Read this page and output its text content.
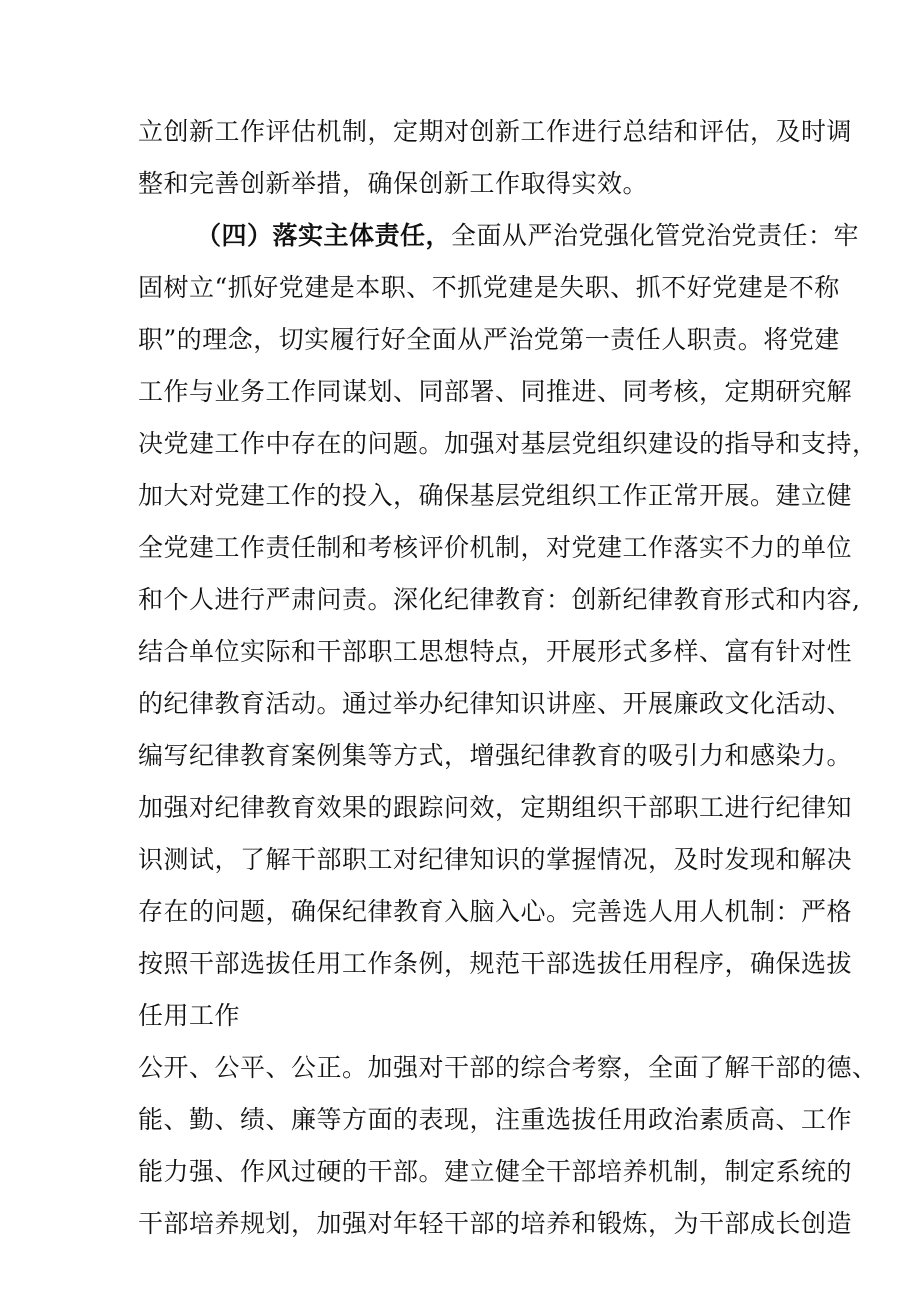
立创新工作评估机制，定期对创新工作进行总结和评估，及时调
整和完善创新举措，确保创新工作取得实效。
（四）落实主体责任，全面从严治党强化管党治党责任：牢
固树立“抓好党建是本职、不抓党建是失职、抓不好党建是不称
职”的理念，切实履行好全面从严治党第一责任人职责。将党建
工作与业务工作同谋划、同部署、同推进、同考核，定期研究解
决党建工作中存在的问题。加强对基层党组织建设的指导和支持，
加大对党建工作的投入，确保基层党组织工作正常开展。建立健
全党建工作责任制和考核评价机制，对党建工作落实不力的单位
和个人进行严肃问责。深化纪律教育：创新纪律教育形式和内容,
结合单位实际和干部职工思想特点，开展形式多样、富有针对性
的纪律教育活动。通过举办纪律知识讲座、开展廉政文化活动、
编写纪律教育案例集等方式，增强纪律教育的吸引力和感染力。
加强对纪律教育效果的跟踪问效，定期组织干部职工进行纪律知
识测试，了解干部职工对纪律知识的掌握情况，及时发现和解决
存在的问题，确保纪律教育入脑入心。完善选人用人机制：严格
按照干部选拔任用工作条例，规范干部选拔任用程序，确保选拔
任用工作
公开、公平、公正。加强对干部的综合考察，全面了解干部的德、
能、勤、绩、廉等方面的表现，注重选拔任用政治素质高、工作
能力强、作风过硬的干部。建立健全干部培养机制，制定系统的
干部培养规划，加强对年轻干部的培养和锻炼，为干部成长创造
